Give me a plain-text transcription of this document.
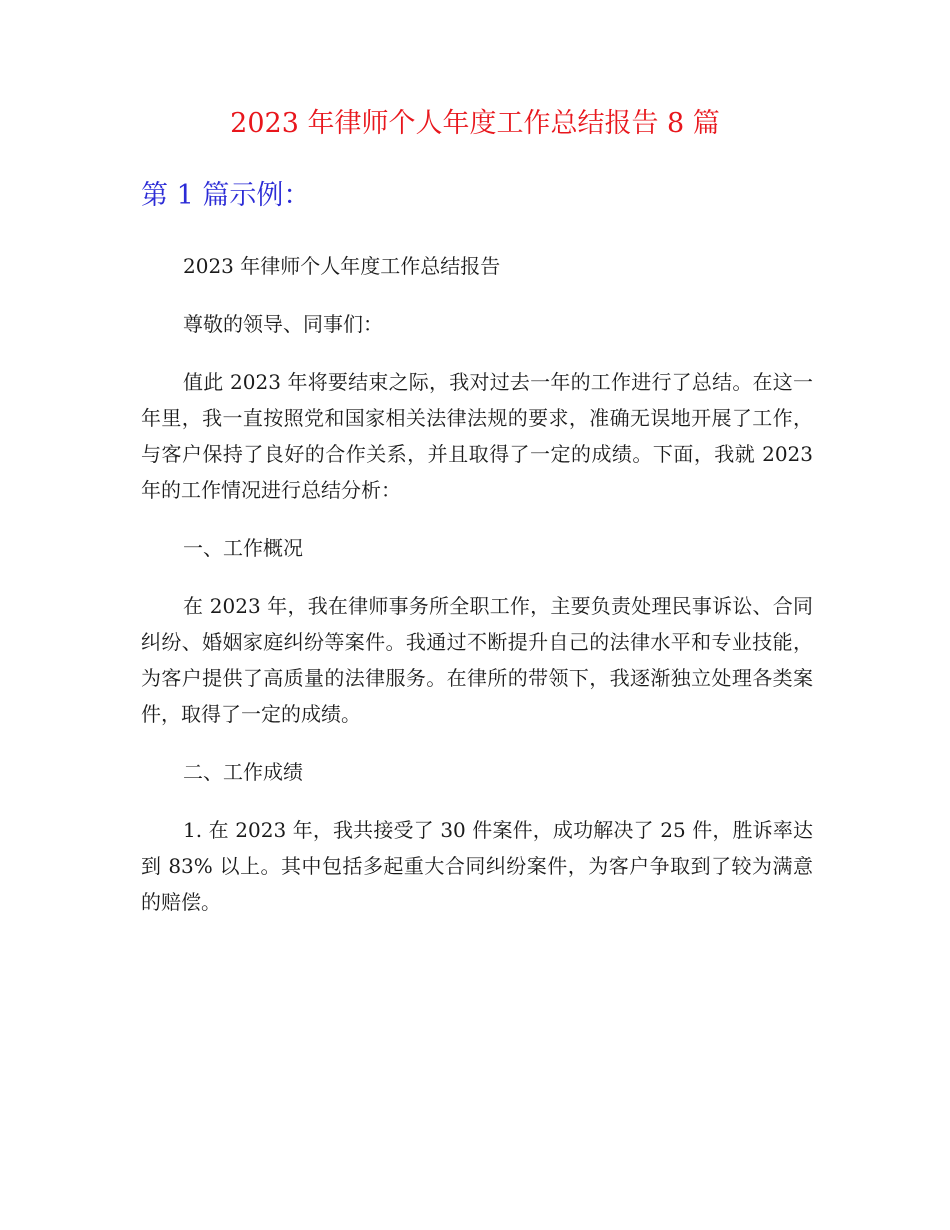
2023 年律师个人年度工作总结报告 8 篇
第 1 篇示例：

2023 年律师个人年度工作总结报告

尊敬的领导、同事们：

值此 2023 年将要结束之际，我对过去一年的工作进行了总结。在这一年里，我一直按照党和国家相关法律法规的要求，准确无误地开展了工作，与客户保持了良好的合作关系，并且取得了一定的成绩。下面，我就 2023 年的工作情况进行总结分析：

一、工作概况

在 2023 年，我在律师事务所全职工作，主要负责处理民事诉讼、合同纠纷、婚姻家庭纠纷等案件。我通过不断提升自己的法律水平和专业技能，为客户提供了高质量的法律服务。在律所的带领下，我逐渐独立处理各类案件，取得了一定的成绩。

二、工作成绩

1. 在 2023 年，我共接受了 30 件案件，成功解决了 25 件，胜诉率达到 83% 以上。其中包括多起重大合同纠纷案件，为客户争取到了较为满意的赔偿。
